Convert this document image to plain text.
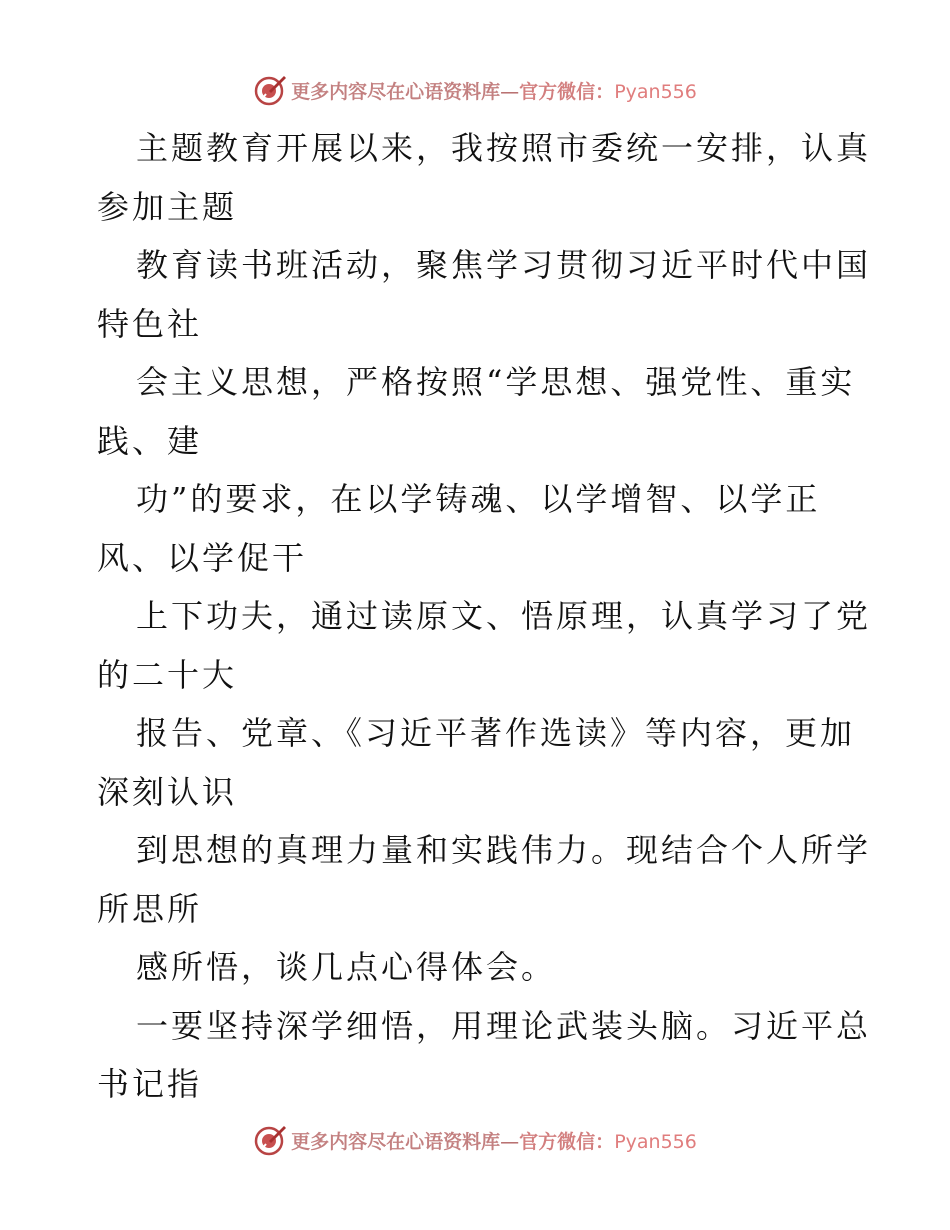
更多内容尽在心语资料库—官方微信：Pyan556
主题教育开展以来，我按照市委统一安排，认真
参加主题
教育读书班活动，聚焦学习贯彻习近平时代中国
特色社
会主义思想，严格按照“学思想、强党性、重实
践、建
功”的要求，在以学铸魂、以学增智、以学正
风、以学促干
上下功夫，通过读原文、悟原理，认真学习了党
的二十大
报告、党章、《习近平著作选读》等内容，更加
深刻认识
到思想的真理力量和实践伟力。现结合个人所学
所思所
感所悟，谈几点心得体会。
一要坚持深学细悟，用理论武装头脑。习近平总
书记指
更多内容尽在心语资料库—官方微信：Pyan556
